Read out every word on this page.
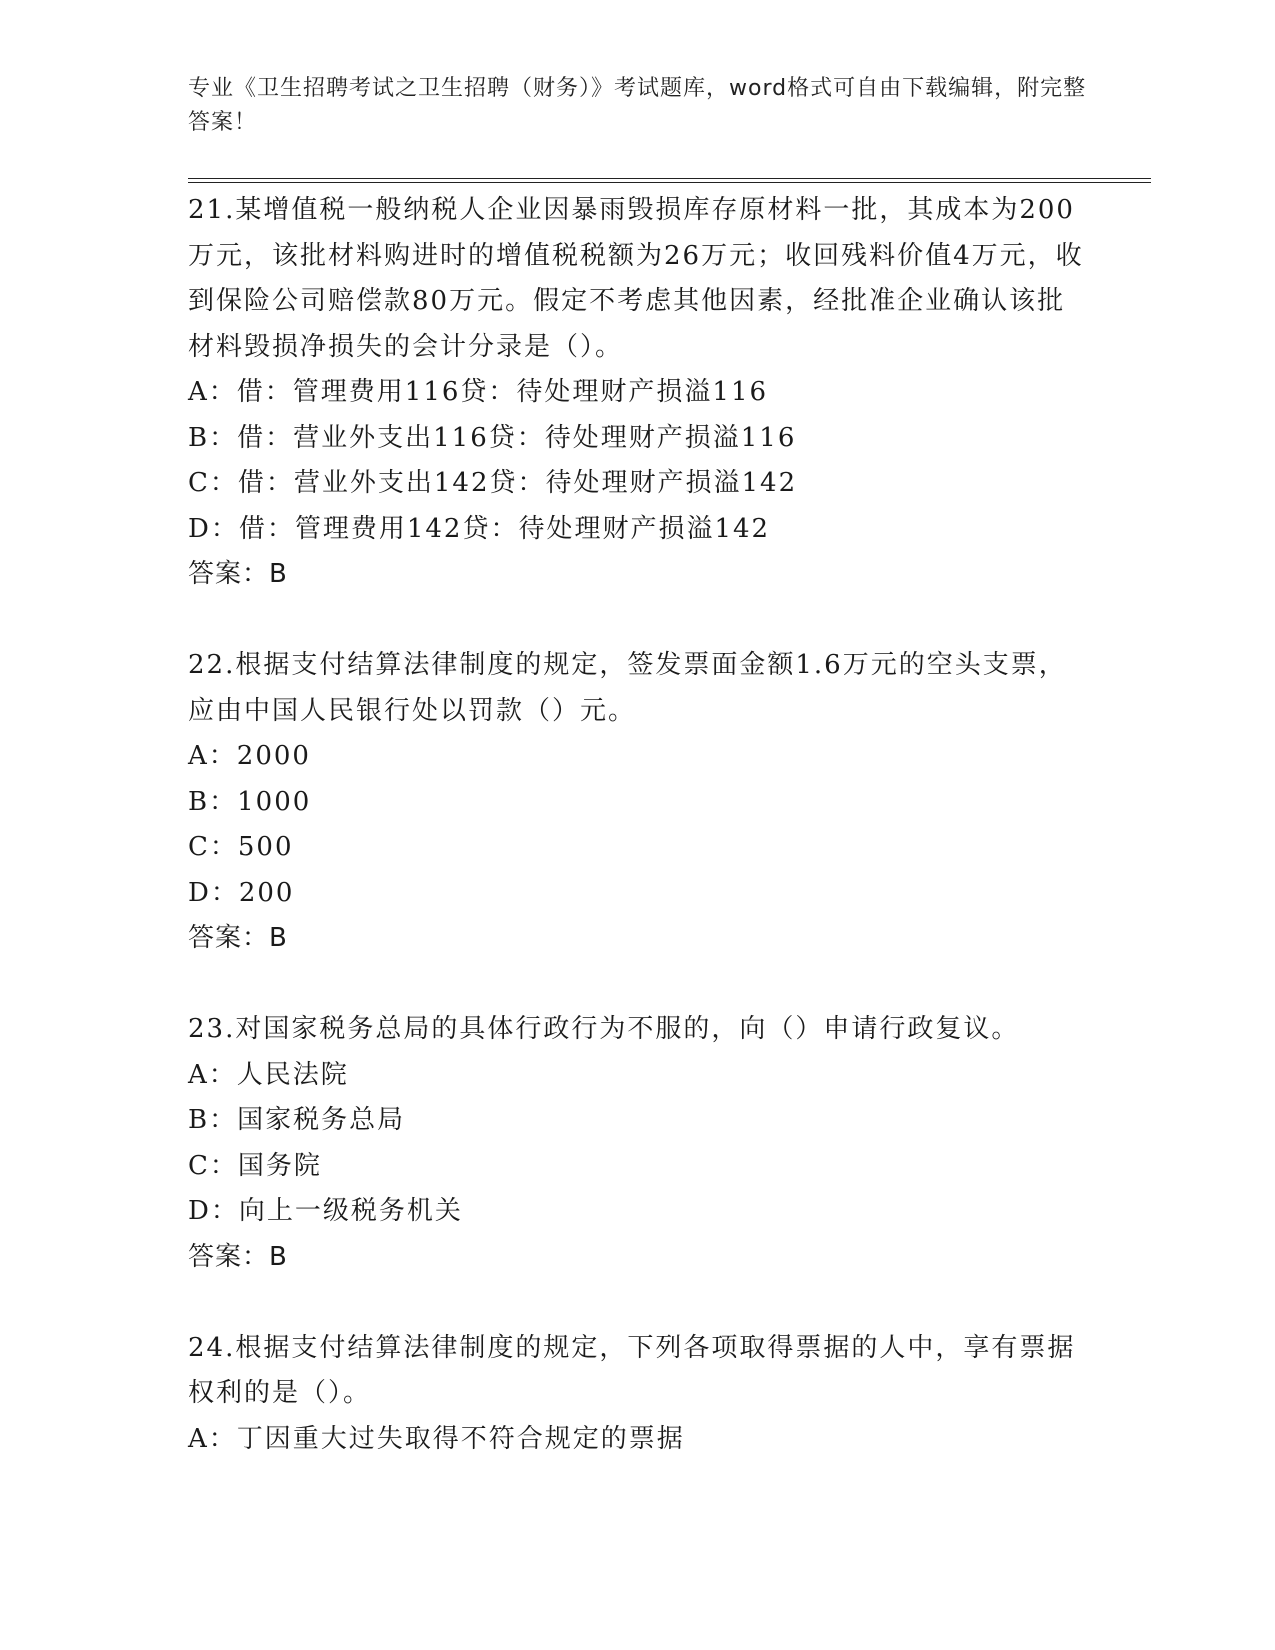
专业《卫生招聘考试之卫生招聘（财务）》考试题库，word格式可自由下载编辑，附完整答案！

21.某增值税一般纳税人企业因暴雨毁损库存原材料一批，其成本为200万元，该批材料购进时的增值税税额为26万元；收回残料价值4万元，收到保险公司赔偿款80万元。假定不考虑其他因素，经批准企业确认该批材料毁损净损失的会计分录是（）。

A：借：管理费用116贷：待处理财产损溢116
B：借：营业外支出116贷：待处理财产损溢116
C：借：营业外支出142贷：待处理财产损溢142
D：借：管理费用142贷：待处理财产损溢142
答案：B

22.根据支付结算法律制度的规定，签发票面金额1.6万元的空头支票，应由中国人民银行处以罚款（）元。

A：2000
B：1000
C：500
D：200
答案：B

23.对国家税务总局的具体行政行为不服的，向（）申请行政复议。

A：人民法院
B：国家税务总局
C：国务院
D：向上一级税务机关
答案：B

24.根据支付结算法律制度的规定，下列各项取得票据的人中，享有票据权利的是（）。

A：丁因重大过失取得不符合规定的票据
